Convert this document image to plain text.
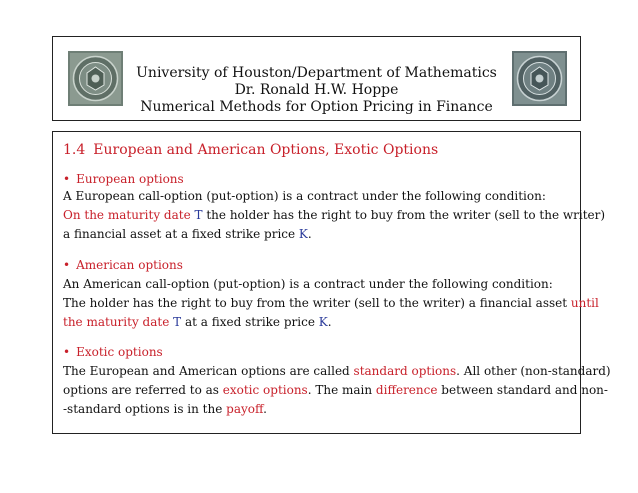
University of Houston/Department of Mathematics
Dr. Ronald H.W. Hoppe
Numerical Methods for Option Pricing in Finance
1.4 European and American Options, Exotic Options
• European options
A European call-option (put-option) is a contract under the following condition:
On the maturity date T the holder has the right to buy from the writer (sell to the writer)
a financial asset at a fixed strike price K.
• American options
An American call-option (put-option) is a contract under the following condition:
The holder has the right to buy from the writer (sell to the writer) a financial asset until
the maturity date T at a fixed strike price K.
• Exotic options
The European and American options are called standard options. All other (non-standard)
options are referred to as exotic options. The main difference between standard and non-
-standard options is in the payoff.
